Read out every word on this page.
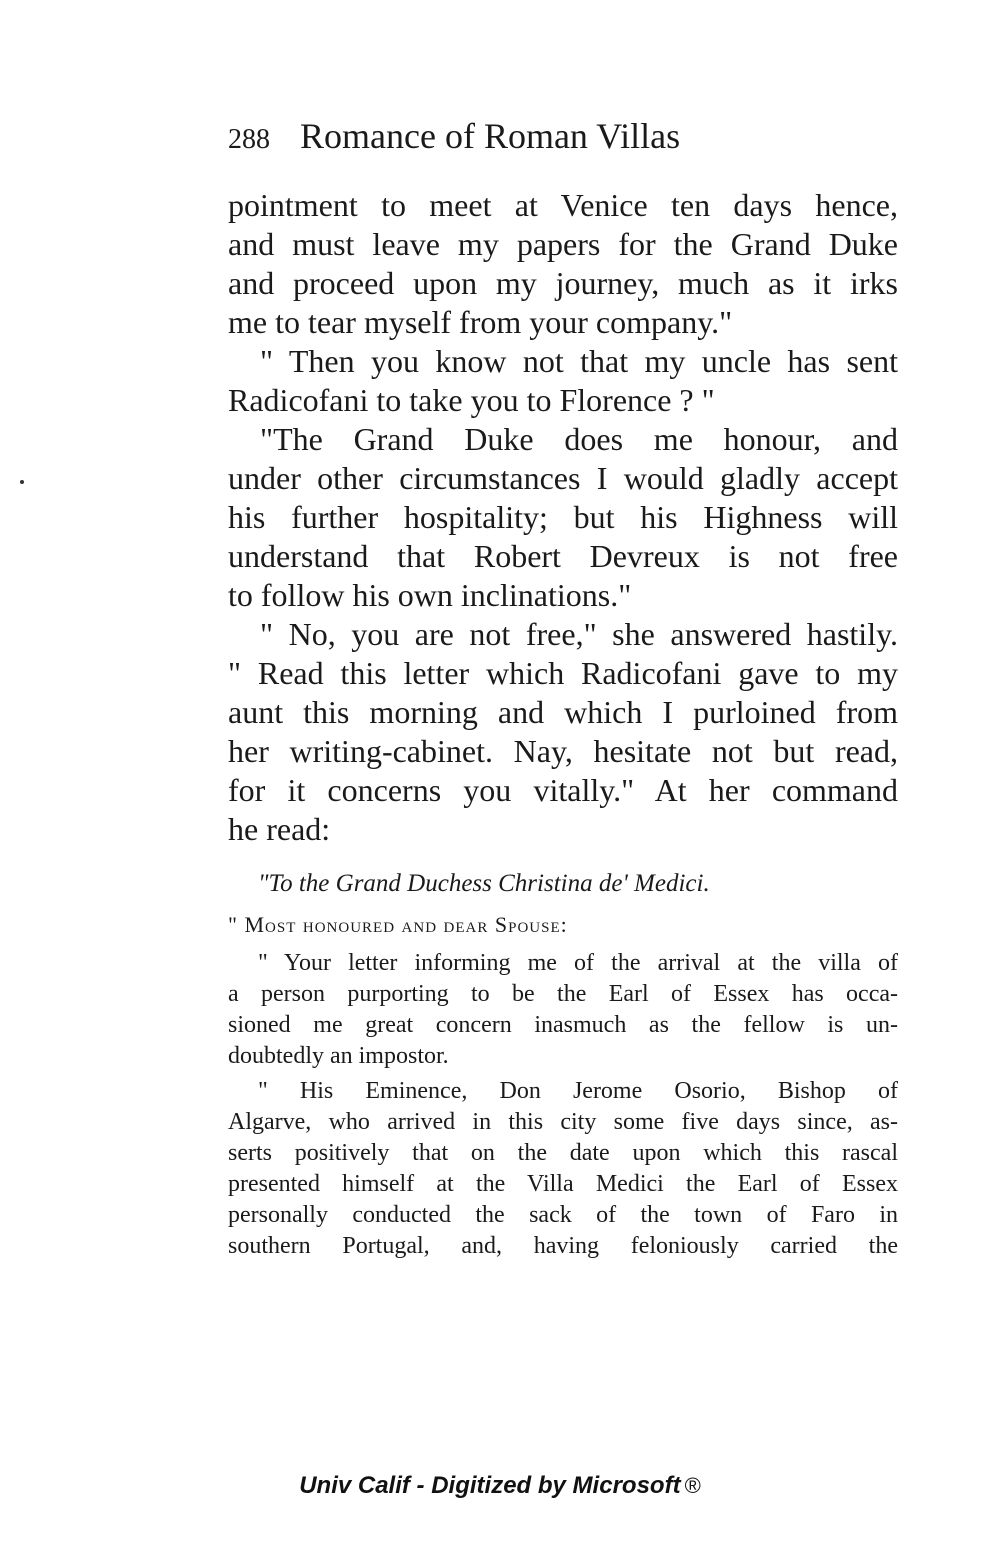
288 Romance of Roman Villas

pointment to meet at Venice ten days hence,
and must leave my papers for the Grand Duke
and proceed upon my journey, much as it irks
me to tear myself from your company."

" Then you know not that my uncle has sent
Radicofani to take you to Florence ? "

"The Grand Duke does me honour, and
under other circumstances I would gladly accept
his further hospitality; but his Highness will
understand that Robert Devreux is not free
to follow his own inclinations."

" No, you are not free," she answered hastily.
" Read this letter which Radicofani gave to my
aunt this morning and which I purloined from
her writing-cabinet. Nay, hesitate not but read,
for it concerns you vitally." At her command
he read:

"To the Grand Duchess Christina de' Medici.
" Most honoured and dear Spouse:

" Your letter informing me of the arrival at the villa of
a person purporting to be the Earl of Essex has occa-
sioned me great concern inasmuch as the fellow is un-
doubtedly an impostor.

" His Eminence, Don Jerome Osorio, Bishop of
Algarve, who arrived in this city some five days since, as-
serts positively that on the date upon which this rascal
presented himself at the Villa Medici the Earl of Essex
personally conducted the sack of the town of Faro in
southern Portugal, and, having feloniously carried the

Univ Calif - Digitized by Microsoft ®
